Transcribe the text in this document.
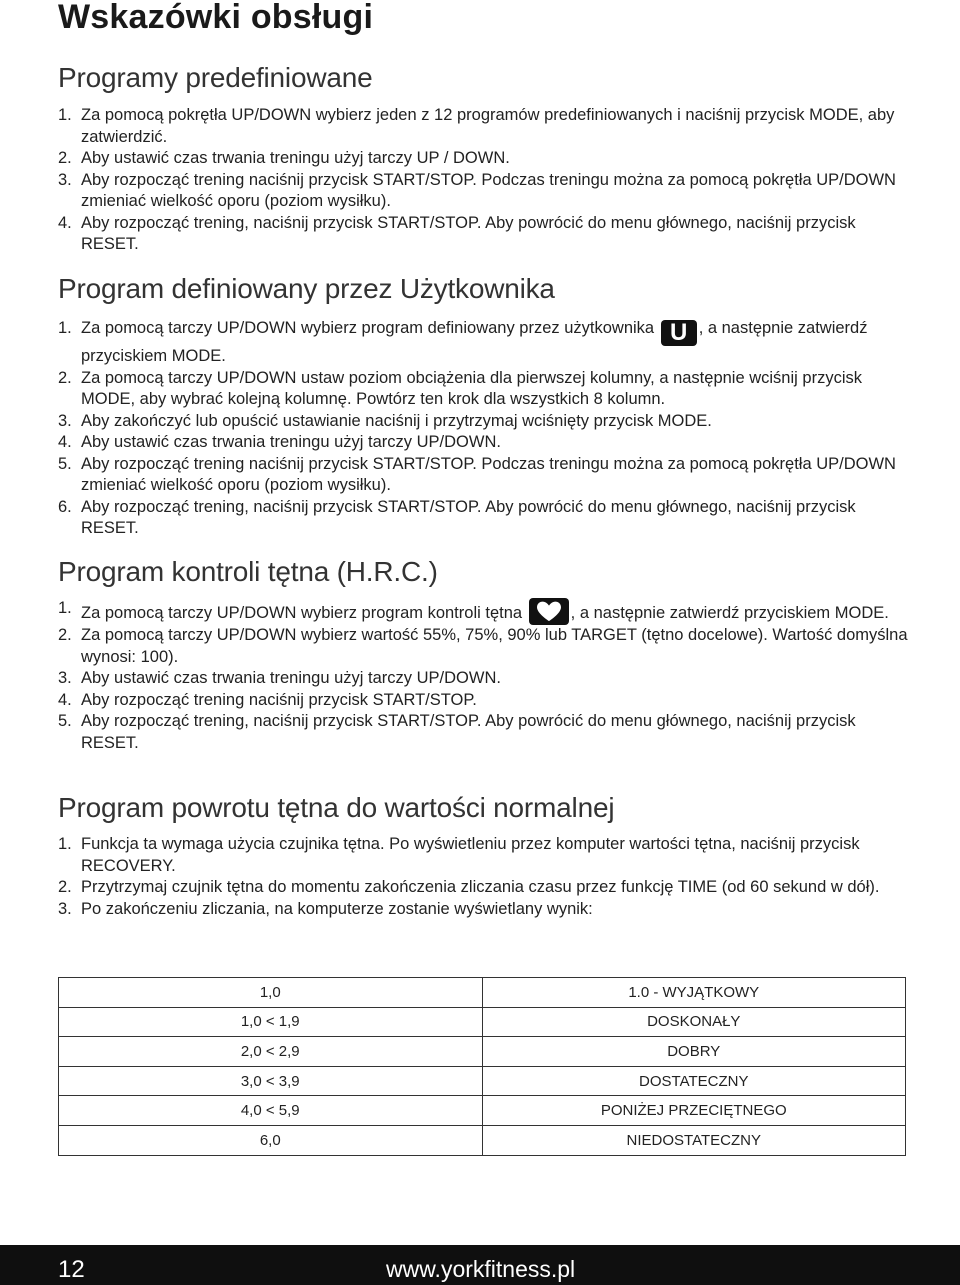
Wskazówki obsługi
Programy predefiniowane
1. Za pomocą pokrętła UP/DOWN wybierz jeden z 12 programów predefiniowanych i naciśnij przycisk MODE, aby zatwierdzić.
2. Aby ustawić czas trwania treningu użyj tarczy UP / DOWN.
3. Aby rozpocząć trening naciśnij przycisk START/STOP. Podczas treningu można za pomocą pokrętła UP/DOWN zmieniać wielkość oporu (poziom wysiłku).
4. Aby rozpocząć trening, naciśnij przycisk START/STOP. Aby powrócić do menu głównego, naciśnij przycisk RESET.
Program definiowany przez Użytkownika
1. Za pomocą tarczy UP/DOWN wybierz program definiowany przez użytkownika U , a następnie zatwierdź przyciskiem MODE.
2. Za pomocą tarczy UP/DOWN ustaw poziom obciążenia dla pierwszej kolumny, a następnie wciśnij przycisk MODE, aby wybrać kolejną kolumnę. Powtórz ten krok dla wszystkich 8 kolumn.
3. Aby zakończyć lub opuścić ustawianie naciśnij i przytrzymaj wciśnięty przycisk MODE.
4. Aby ustawić czas trwania treningu użyj tarczy UP/DOWN.
5. Aby rozpocząć trening naciśnij przycisk START/STOP. Podczas treningu można za pomocą pokrętła UP/DOWN zmieniać wielkość oporu (poziom wysiłku).
6. Aby rozpocząć trening, naciśnij przycisk START/STOP. Aby powrócić do menu głównego, naciśnij przycisk RESET.
Program kontroli tętna (H.R.C.)
1. Za pomocą tarczy UP/DOWN wybierz program kontroli tętna	, a następnie zatwierdź przyciskiem MODE.
2. Za pomocą tarczy UP/DOWN wybierz wartość 55%, 75%, 90% lub TARGET (tętno docelowe). Wartość domyślna wynosi: 100).
3. Aby ustawić czas trwania treningu użyj tarczy UP/DOWN.
4. Aby rozpocząć trening naciśnij przycisk START/STOP.
5. Aby rozpocząć trening, naciśnij przycisk START/STOP. Aby powrócić do menu głównego, naciśnij przycisk RESET.
Program powrotu tętna do wartości normalnej
1. Funkcja ta wymaga użycia czujnika tętna. Po wyświetleniu przez komputer wartości tętna, naciśnij przycisk RECOVERY.
2. Przytrzymaj czujnik tętna do momentu zakończenia zliczania czasu przez funkcję TIME (od 60 sekund w dół).
3. Po zakończeniu zliczania, na komputerze zostanie wyświetlany wynik:
1,0	1.0 - WYJĄTKOWY
1,0 < 1,9	DOSKONAŁY
2,0 < 2,9	DOBRY
3,0 < 3,9	DOSTATECZNY
4,0 < 5,9	PONIŻEJ PRZECIĘTNEGO
6,0	NIEDOSTATECZNY
12	www.yorkfitness.pl
